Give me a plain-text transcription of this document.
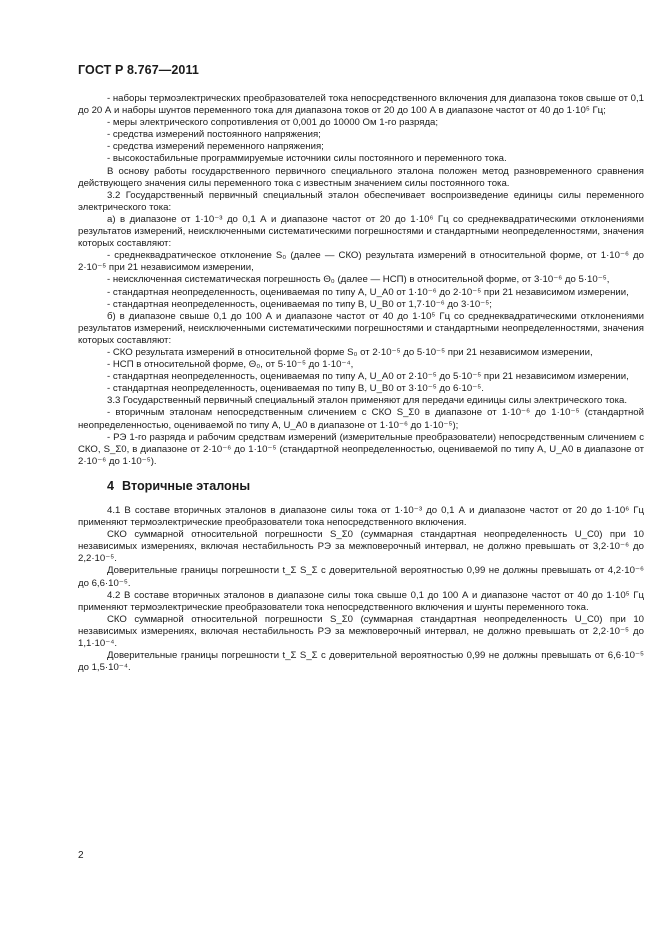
ГОСТ Р 8.767—2011

- наборы термоэлектрических преобразователей тока непосредственного включения для диапазона токов свыше от 0,1 до 20 А и наборы шунтов переменного тока для диапазона токов от 20 до 100 А в диапазоне частот от 40 до 1·10⁵ Гц;

- меры электрического сопротивления от 0,001 до 10000 Ом 1-го разряда;

- средства измерений постоянного напряжения;

- средства измерений переменного напряжения;

- высокостабильные программируемые источники силы постоянного и переменного тока.

В основу работы государственного первичного специального эталона положен метод разновременного сравнения действующего значения силы переменного тока с известным значением силы постоянного тока.

3.2 Государственный первичный специальный эталон обеспечивает воспроизведение единицы силы переменного электрического тока:

а) в диапазоне от 1·10⁻³ до 0,1 А и диапазоне частот от 20 до 1·10⁶ Гц со среднеквадратическими отклонениями результатов измерений, неисключенными систематическими погрешностями и стандартными неопределенностями, значения которых составляют:

- среднеквадратическое отклонение S₀ (далее — СКО) результата измерений в относительной форме, от 1·10⁻⁶ до 2·10⁻⁵ при 21 независимом измерении,

- неисключенная систематическая погрешность Θ₀ (далее — НСП) в относительной форме, от 3·10⁻⁶ до 5·10⁻⁵,

- стандартная неопределенность, оцениваемая по типу А, U_A0 от 1·10⁻⁶ до 2·10⁻⁵ при 21 независимом измерении,

- стандартная неопределенность, оцениваемая по типу В, U_B0 от 1,7·10⁻⁶ до 3·10⁻⁵;

б) в диапазоне свыше 0,1 до 100 А и диапазоне частот от 40 до 1·10⁵ Гц со среднеквадратическими отклонениями результатов измерений, неисключенными систематическими погрешностями и стандартными неопределенностями, значения которых составляют:

- СКО результата измерений в относительной форме S₀ от 2·10⁻⁵ до 5·10⁻⁵ при 21 независимом измерении,

- НСП в относительной форме, Θ₀, от 5·10⁻⁵ до 1·10⁻⁴,

- стандартная неопределенность, оцениваемая по типу А, U_A0 от 2·10⁻⁵ до 5·10⁻⁵ при 21 независимом измерении,

- стандартная неопределенность, оцениваемая по типу В, U_B0 от 3·10⁻⁵ до 6·10⁻⁵.

3.3 Государственный первичный специальный эталон применяют для передачи единицы силы электрического тока.

- вторичным эталонам непосредственным сличением с СКО S_Σ0 в диапазоне от 1·10⁻⁶ до 1·10⁻⁵ (стандартной неопределенностью, оцениваемой по типу А, U_A0 в диапазоне от 1·10⁻⁶ до 1·10⁻⁵);

- РЭ 1-го разряда и рабочим средствам измерений (измерительные преобразователи) непосредственным сличением с СКО, S_Σ0, в диапазоне от 2·10⁻⁶ до 1·10⁻⁵ (стандартной неопределенностью, оцениваемой по типу А, U_A0 в диапазоне от 2·10⁻⁶ до 1·10⁻⁵).

4 Вторичные эталоны

4.1 В составе вторичных эталонов в диапазоне силы тока от 1·10⁻³ до 0,1 А и диапазоне частот от 20 до 1·10⁶ Гц применяют термоэлектрические преобразователи тока непосредственного включения.

СКО суммарной относительной погрешности S_Σ0 (суммарная стандартная неопределенность U_C0) при 10 независимых измерениях, включая нестабильность РЭ за межповерочный интервал, не должно превышать от 3,2·10⁻⁶ до 2,2·10⁻⁵.

Доверительные границы погрешности t_Σ S_Σ с доверительной вероятностью 0,99 не должны превышать от 4,2·10⁻⁶ до 6,6·10⁻⁵.

4.2 В составе вторичных эталонов в диапазоне силы тока свыше 0,1 до 100 А и диапазоне частот от 40 до 1·10⁵ Гц применяют термоэлектрические преобразователи тока непосредственного включения и шунты переменного тока.

СКО суммарной относительной погрешности S_Σ0 (суммарная стандартная неопределенность U_C0) при 10 независимых измерениях, включая нестабильность РЭ за межповерочный интервал, не должно превышать от 2,2·10⁻⁵ до 1,1·10⁻⁴.

Доверительные границы погрешности t_Σ S_Σ с доверительной вероятностью 0,99 не должны превышать от 6,6·10⁻⁵ до 1,5·10⁻⁴.

2
